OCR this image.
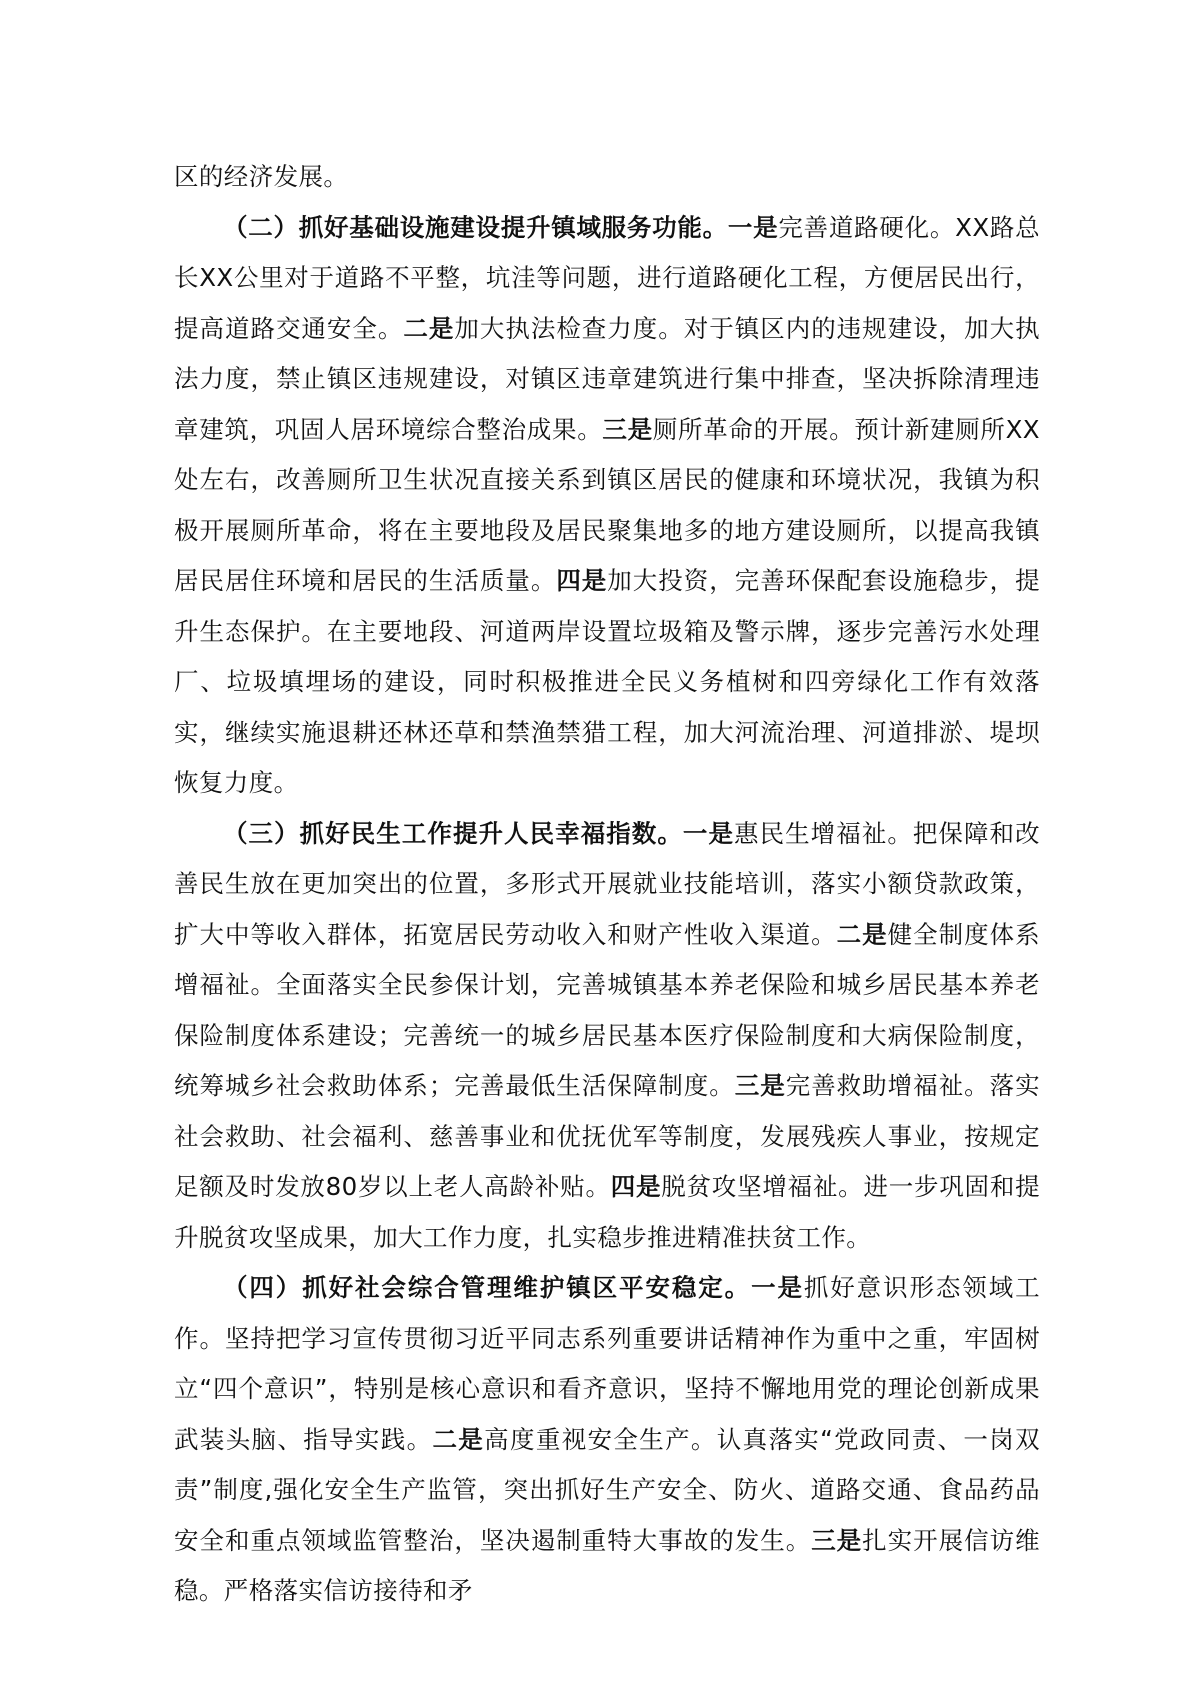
区的经济发展。

（二）抓好基础设施建设提升镇域服务功能。一是完善道路硬化。XX路总长XX公里对于道路不平整，坑洼等问题，进行道路硬化工程，方便居民出行，提高道路交通安全。二是加大执法检查力度。对于镇区内的违规建设，加大执法力度，禁止镇区违规建设，对镇区违章建筑进行集中排查，坚决拆除清理违章建筑，巩固人居环境综合整治成果。三是厕所革命的开展。预计新建厕所XX处左右，改善厕所卫生状况直接关系到镇区居民的健康和环境状况，我镇为积极开展厕所革命，将在主要地段及居民聚集地多的地方建设厕所，以提高我镇居民居住环境和居民的生活质量。四是加大投资，完善环保配套设施稳步，提升生态保护。在主要地段、河道两岸设置垃圾箱及警示牌，逐步完善污水处理厂、垃圾填埋场的建设，同时积极推进全民义务植树和四旁绿化工作有效落实，继续实施退耕还林还草和禁渔禁猎工程，加大河流治理、河道排淤、堤坝恢复力度。

（三）抓好民生工作提升人民幸福指数。一是惠民生增福祉。把保障和改善民生放在更加突出的位置，多形式开展就业技能培训，落实小额贷款政策，扩大中等收入群体，拓宽居民劳动收入和财产性收入渠道。二是健全制度体系增福祉。全面落实全民参保计划，完善城镇基本养老保险和城乡居民基本养老保险制度体系建设；完善统一的城乡居民基本医疗保险制度和大病保险制度，统筹城乡社会救助体系；完善最低生活保障制度。三是完善救助增福祉。落实社会救助、社会福利、慈善事业和优抚优军等制度，发展残疾人事业，按规定足额及时发放80岁以上老人高龄补贴。四是脱贫攻坚增福祉。进一步巩固和提升脱贫攻坚成果，加大工作力度，扎实稳步推进精准扶贫工作。

（四）抓好社会综合管理维护镇区平安稳定。一是抓好意识形态领域工作。坚持把学习宣传贯彻习近平同志系列重要讲话精神作为重中之重，牢固树立“四个意识”，特别是核心意识和看齐意识，坚持不懈地用党的理论创新成果武装头脑、指导实践。二是高度重视安全生产。认真落实“党政同责、一岗双责”制度,强化安全生产监管，突出抓好生产安全、防火、道路交通、食品药品安全和重点领域监管整治，坚决遏制重特大事故的发生。三是扎实开展信访维稳。严格落实信访接待和矛
